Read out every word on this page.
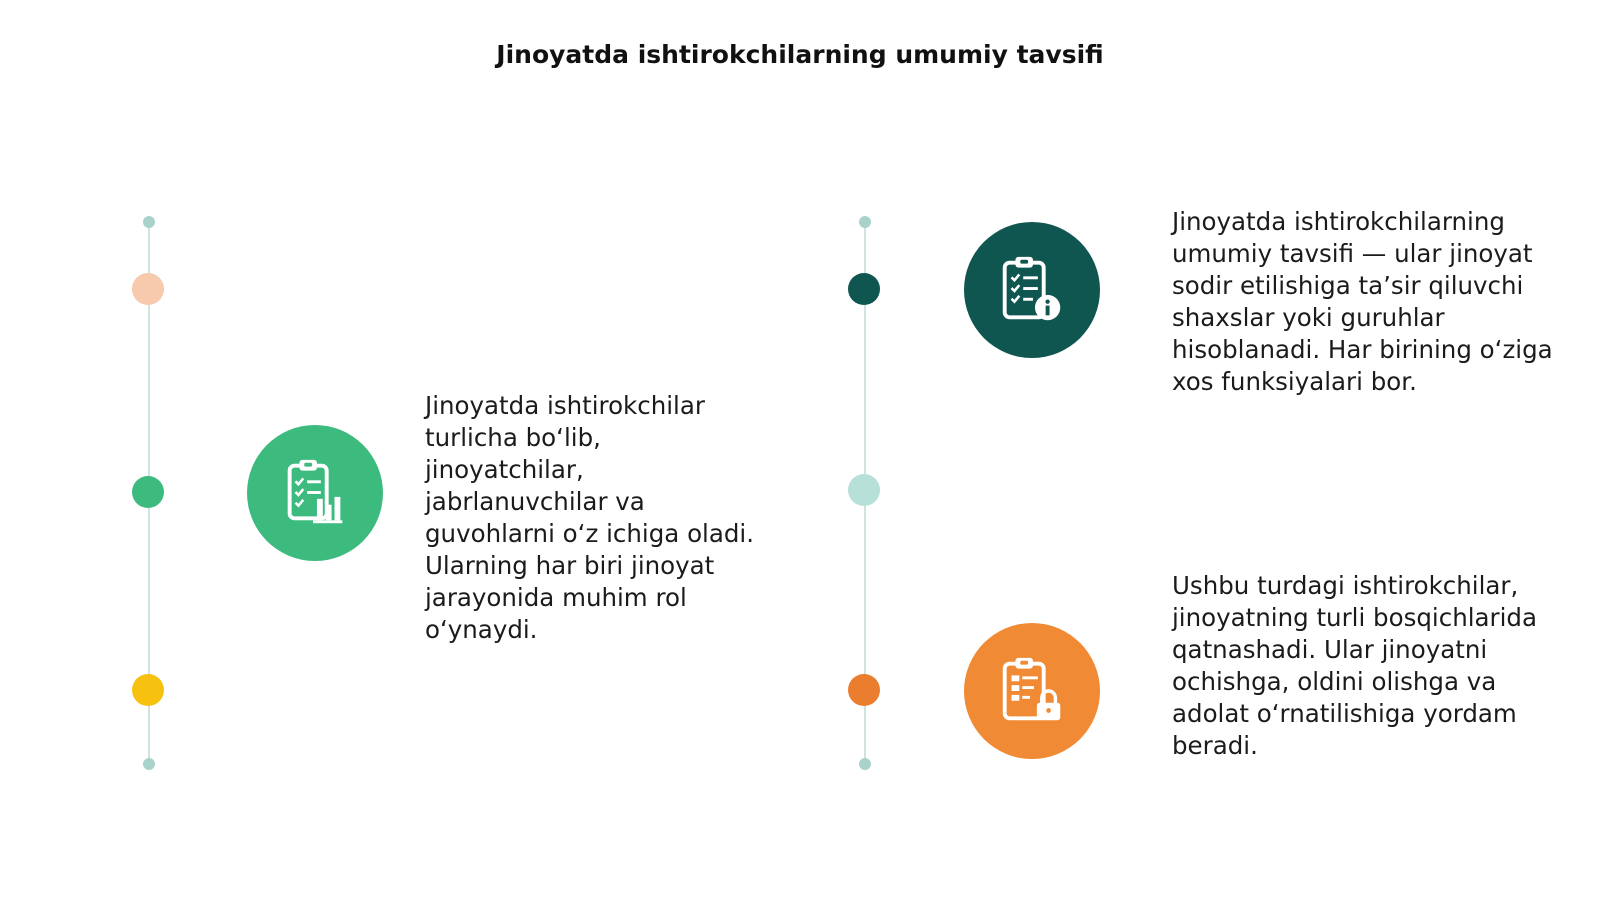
Jinoyatda ishtirokchilarning umumiy tavsifi
Jinoyatda ishtirokchilar turlicha bo‘lib, jinoyatchilar, jabrlanuvchilar va guvohlarni o‘z ichiga oladi. Ularning har biri jinoyat jarayonida muhim rol o‘ynaydi.
Jinoyatda ishtirokchilarning umumiy tavsifi — ular jinoyat sodir etilishiga ta’sir qiluvchi shaxslar yoki guruhlar hisoblanadi. Har birining o‘ziga xos funksiyalari bor.
Ushbu turdagi ishtirokchilar, jinoyatning turli bosqichlarida qatnashadi. Ular jinoyatni ochishga, oldini olishga va adolat o‘rnatilishiga yordam beradi.
